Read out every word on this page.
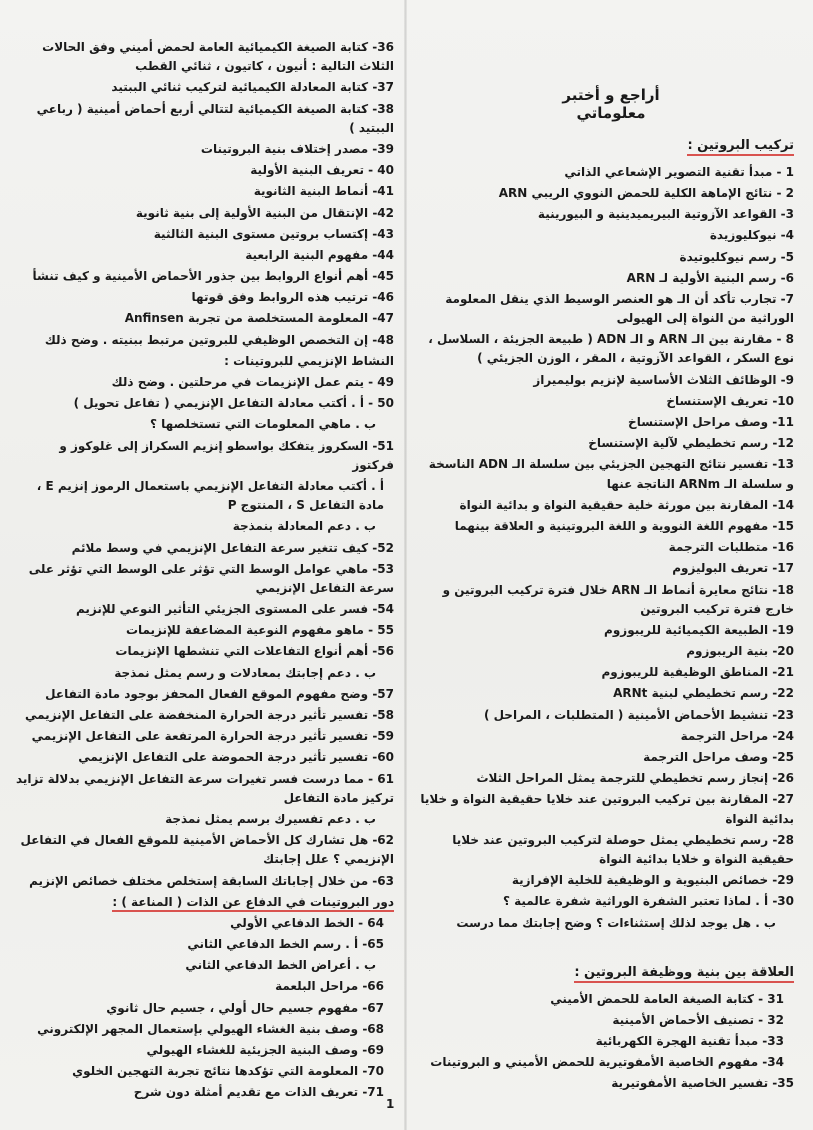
أراجع و أختبر معلوماتي
تركيب البروتين :
1 - مبدأ تقنية التصوير الإشعاعي الذاتي
2 - نتائج الإماهة الكلية للحمض النووي الريبي ARN
3- القواعد الآزوتية البيريميدينية و البيورينية
4- نيوكليوزيدة
5- رسم نيوكليوتيدة
6- رسم البنية الأولية لـ ARN
7- تجارب تأكد أن الـ هو العنصر الوسيط الذي ينقل المعلومة الوراثية من النواة إلى الهيولى
8 - مقارنة بين الـ ARN و الـ ADN ( طبيعة الجزيئة ، السلاسل ، نوع السكر ، القواعد الآزوتية ، المقر ، الوزن الجزيئي )
9- الوظائف الثلاث الأساسية لإنزيم بوليميراز
10- تعريف الإستنساخ
11- وصف مراحل الإستنساخ
12- رسم تخطيطي لآلية الإستنساخ
13- تفسير نتائج التهجين الجزيئي بين سلسلة الـ ADN الناسخة و سلسلة الـ ARNm الناتجة عنها
14- المقارنة بين مورثة خلية حقيقية النواة و بدائية النواة
15- مفهوم اللغة النووية و اللغة البروتينية و العلاقة بينهما
16- متطلبات الترجمة
17- تعريف البوليزوم
18- نتائج معايرة أنماط الـ ARN خلال فترة تركيب البروتين و خارج فترة تركيب البروتين
19- الطبيعة الكيميائية للريبوزوم
20- بنية الريبوزوم
21- المناطق الوظيفية للريبوزوم
22- رسم تخطيطي لبنية ARNt
23- تنشيط الأحماض الأمينية ( المتطلبات ، المراحل )
24- مراحل الترجمة
25- وصف مراحل الترجمة
26- إنجاز رسم تخطيطي للترجمة يمثل المراحل الثلاث
27- المقارنة بين تركيب البروتين عند خلايا حقيقية النواة و خلايا بدائية النواة
28- رسم تخطيطي يمثل حوصلة لتركيب البروتين عند خلايا حقيقية النواة و خلايا بدائية النواة
29- خصائص البنيوية و الوظيفية للخلية الإفرازية
30- أ . لماذا تعتبر الشفرة الوراثية شفرة عالمية ؟
ب . هل يوجد لذلك إستثناءات ؟ وضح إجابتك مما درست
العلاقة بين بنية ووظيفة البروتين :
31 - كتابة الصيغة العامة للحمض الأميني
32 - تصنيف الأحماض الأمينية
33- مبدأ تقنية الهجرة الكهربائية
34- مفهوم الخاصية الأمفوتيرية للحمض الأميني و البروتينات
35- تفسير الخاصية الأمفوتيرية
36- كتابة الصيغة الكيميائية العامة لحمض أميني وفق الحالات الثلاث التالية : أنيون ، كاتيون ، ثنائي القطب
37- كتابة المعادلة الكيميائية لتركيب ثنائي الببتيد
38- كتابة الصيغة الكيميائية لتتالي أربع أحماض أمينية ( رباعي الببتيد )
39- مصدر إختلاف بنية البروتينات
40 - تعريف البنية الأولية
41- أنماط البنية الثانوية
42- الإنتقال من البنية الأولية إلى بنية ثانوية
43- إكتساب بروتين مستوى البنية الثالثية
44- مفهوم البنية الرابعية
45- أهم أنواع الروابط بين جذور الأحماض الأمينية و كيف تنشأ
46- ترتيب هذه الروابط وفق قوتها
47- المعلومة المستخلصة من تجربة Anfinsen
48- إن التخصص الوظيفي للبروتين مرتبط ببنيته . وضح ذلك
النشاط الإنزيمي للبروتينات :
49 - يتم عمل الإنزيمات في مرحلتين . وضح ذلك
50 - أ . أكتب معادلة التفاعل الإنزيمي ( تفاعل تحويل )
ب . ماهي المعلومات التي تستخلصها ؟
51- السكروز يتفكك بواسطو إنزيم السكراز إلى غلوكوز و فركتوز
أ . أكتب معادلة التفاعل الإنزيمي باستعمال الرموز إنزيم E ، مادة التفاعل S ، المنتوج P
ب . دعم المعادلة بنمذجة
52- كيف تتغير سرعة التفاعل الإنزيمي في وسط ملائم
53- ماهي عوامل الوسط التي تؤثر على الوسط التي تؤثر على سرعة التفاعل الإنزيمي
54- فسر على المستوى الجزيئي التأثير النوعي للإنزيم
55 - ماهو مفهوم النوعية المضاعفة للإنزيمات
56- أهم أنواع التفاعلات التي تنشطها الإنزيمات
ب . دعم إجابتك بمعادلات و رسم يمثل نمذجة
57- وضح مفهوم الموقع الفعال المحفز بوجود مادة التفاعل
58- تفسير تأثير درجة الحرارة المنخفضة على التفاعل الإنزيمي
59- تفسير تأثير درجة الحرارة المرتفعة على التفاعل الإنزيمي
60- تفسير تأثير درجة الحموضة على التفاعل الإنزيمي
61 - مما درست فسر تغيرات سرعة التفاعل الإنزيمي بدلالة تزايد تركيز مادة التفاعل
ب . دعم تفسيرك برسم يمثل نمذجة
62- هل تشارك كل الأحماض الأمينية للموقع الفعال في التفاعل الإنزيمي ؟ علل إجابتك
63- من خلال إجاباتك السابقة إستخلص مختلف خصائص الإنزيم
دور البروتينات في الدفاع عن الذات ( المناعة ) :
64 - الخط الدفاعي الأولي
65- أ . رسم الخط الدفاعي الثاني
ب . أعراض الخط الدفاعي الثاني
66- مراحل البلعمة
67- مفهوم جسيم حال أولي ، جسيم حال ثانوي
68- وصف بنية الغشاء الهيولي بإستعمال المجهر الإلكتروني
69- وصف البنية الجزيئية للغشاء الهيولي
70- المعلومة التي تؤكدها نتائج تجربة التهجين الخلوي
71- تعريف الذات مع تقديم أمثلة دون شرح
1
